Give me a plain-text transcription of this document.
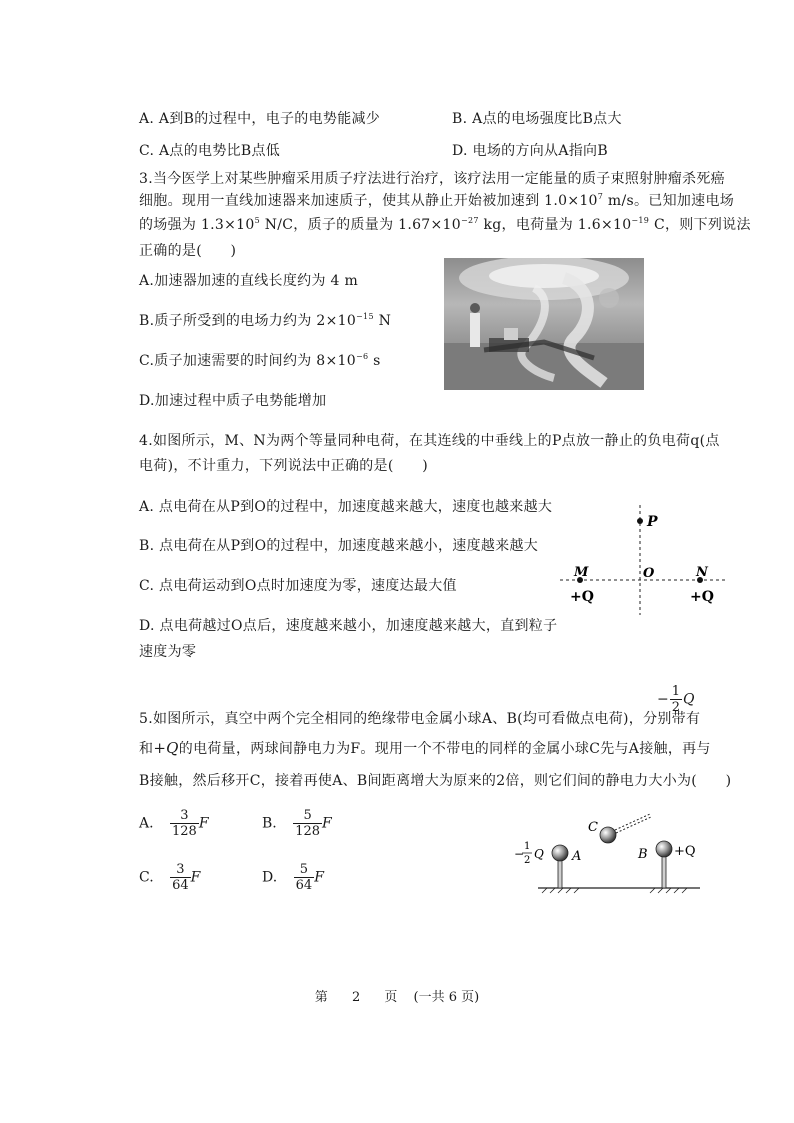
A. A到B的过程中，电子的电势能减少	B. A点的电场强度比B点大
C. A点的电势比B点低	D. 电场的方向从A指向B
3.当今医学上对某些肿瘤采用质子疗法进行治疗，该疗法用一定能量的质子束照射肿瘤杀死癌
细胞。现用一直线加速器来加速质子，使其从静止开始被加速到 $1.0\times 10^7$ m/s。已知加速电场
的场强为 $1.3\times 10^5$ N/C，质子的质量为 $1.67\times 10^{-27}$ kg，电荷量为 $1.6\times 10^{-19}$ C，则下列说法
正确的是(　　)
A.加速器加速的直线长度约为 4 m
B.质子所受到的电场力约为 $2\times 10^{-15}$ N
C.质子加速需要的时间约为 $8\times 10^{-6}$ s
D.加速过程中质子电势能增加
4.如图所示，M、N为两个等量同种电荷，在其连线的中垂线上的P点放一静止的负电荷q(点
电荷)，不计重力，下列说法中正确的是(　　)
A. 点电荷在从P到O的过程中，加速度越来越大，速度也越来越大
B. 点电荷在从P到O的过程中，加速度越来越小，速度越来越大
C. 点电荷运动到O点时加速度为零，速度达最大值
D. 点电荷越过O点后，速度越来越小，加速度越来越大，直到粒子
速度为零
P
M	O	N
+Q	+Q
5.如图所示，真空中两个完全相同的绝缘带电金属小球A、B(均可看做点电荷)，分别带有
− $\frac{1}{2}$ Q
和+Q的电荷量，两球间静电力为F。现用一个不带电的同样的金属小球C先与A接触，再与
B接触，然后移开C，接着再使A、B间距离增大为原来的2倍，则它们间的静电力大小为(　　)
A. $\frac{3}{128}$ F	B. $\frac{5}{128}$ F
C. $\frac{3}{64}$ F	D. $\frac{5}{64}$ F
C
A	B +Q
−
1
2 Q
第 2 页 (一共 6 页)
